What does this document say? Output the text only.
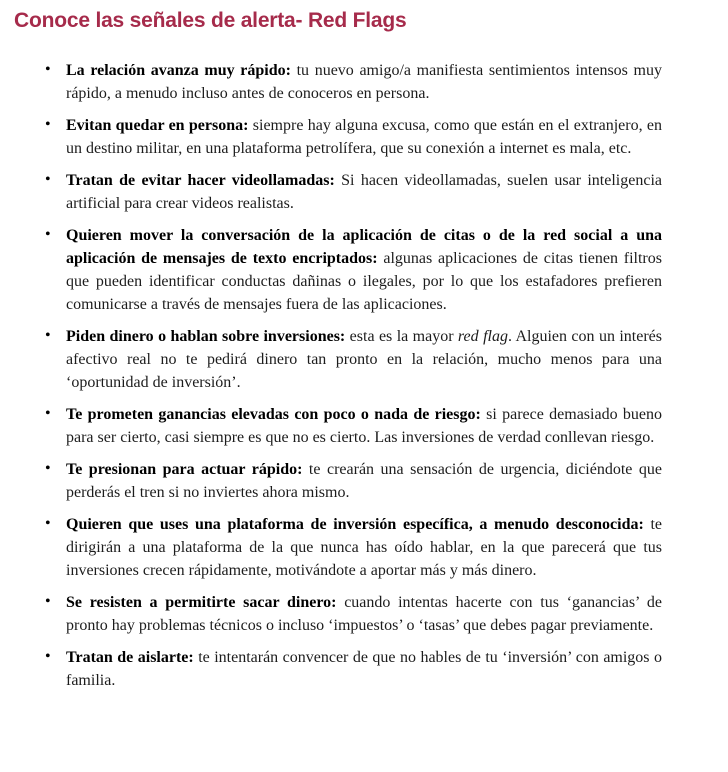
Conoce las señales de alerta- Red Flags
• La relación avanza muy rápido: tu nuevo amigo/a manifiesta sentimientos intensos muy rápido, a menudo incluso antes de conoceros en persona.
• Evitan quedar en persona: siempre hay alguna excusa, como que están en el extranjero, en un destino militar, en una plataforma petrolífera, que su conexión a internet es mala, etc.
• Tratan de evitar hacer videollamadas: Si hacen videollamadas, suelen usar inteligencia artificial para crear videos realistas.
• Quieren mover la conversación de la aplicación de citas o de la red social a una aplicación de mensajes de texto encriptados: algunas aplicaciones de citas tienen filtros que pueden identificar conductas dañinas o ilegales, por lo que los estafadores prefieren comunicarse a través de mensajes fuera de las aplicaciones.
• Piden dinero o hablan sobre inversiones: esta es la mayor red flag. Alguien con un interés afectivo real no te pedirá dinero tan pronto en la relación, mucho menos para una ‘oportunidad de inversión’.
• Te prometen ganancias elevadas con poco o nada de riesgo: si parece demasiado bueno para ser cierto, casi siempre es que no es cierto. Las inversiones de verdad conllevan riesgo.
• Te presionan para actuar rápido: te crearán una sensación de urgencia, diciéndote que perderás el tren si no inviertes ahora mismo.
• Quieren que uses una plataforma de inversión específica, a menudo desconocida: te dirigirán a una plataforma de la que nunca has oído hablar, en la que parecerá que tus inversiones crecen rápidamente, motivándote a aportar más y más dinero.
• Se resisten a permitirte sacar dinero: cuando intentas hacerte con tus ‘ganancias’ de pronto hay problemas técnicos o incluso ‘impuestos’ o ‘tasas’ que debes pagar previamente.
• Tratan de aislarte: te intentarán convencer de que no hables de tu ‘inversión’ con amigos o familia.
